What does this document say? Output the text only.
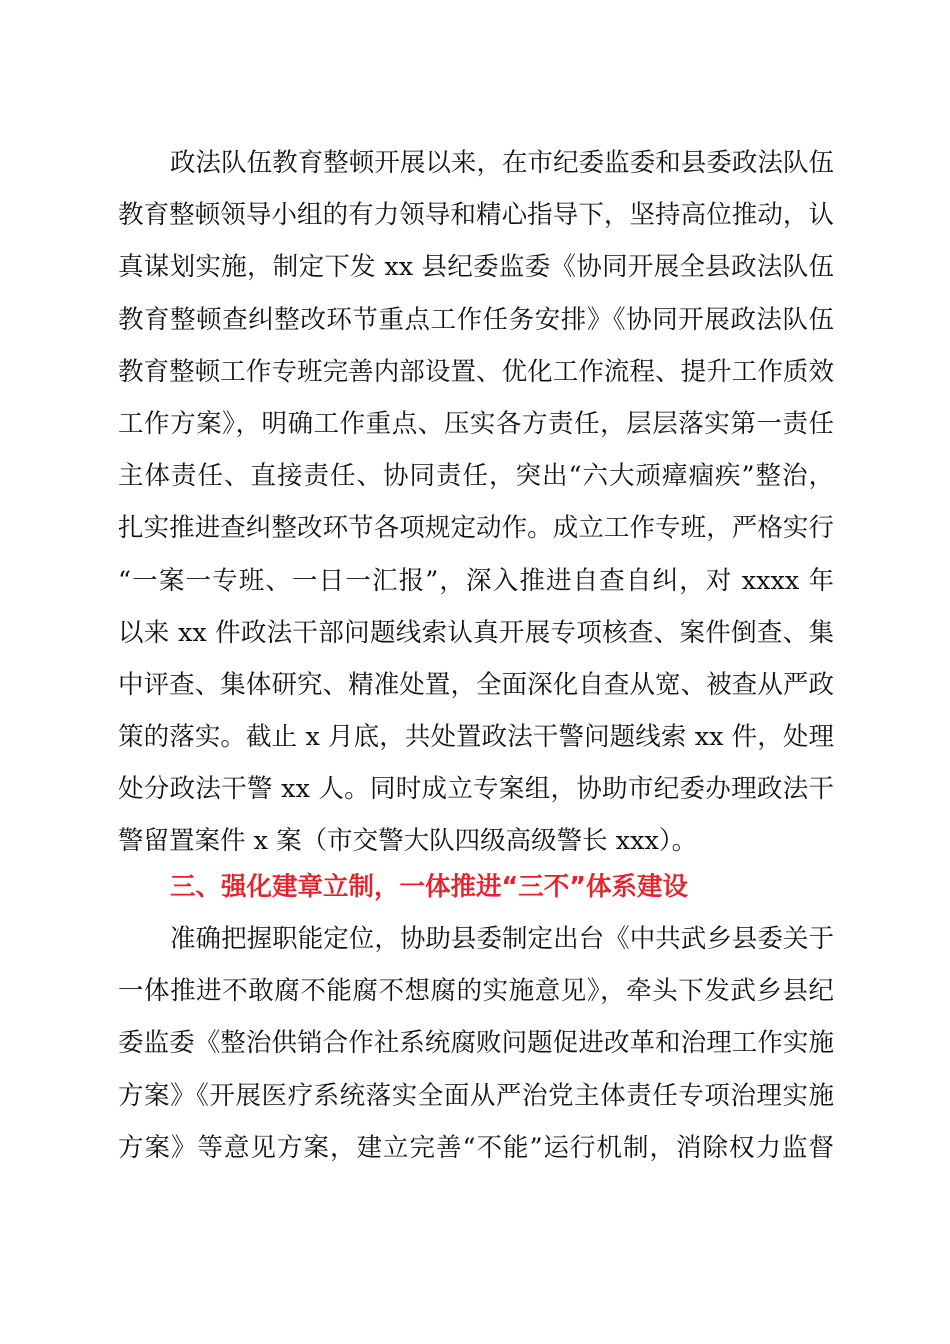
政法队伍教育整顿开展以来，在市纪委监委和县委政法队伍
教育整顿领导小组的有力领导和精心指导下，坚持高位推动，认
真谋划实施，制定下发 xx 县纪委监委《协同开展全县政法队伍
教育整顿查纠整改环节重点工作任务安排》《协同开展政法队伍
教育整顿工作专班完善内部设置、优化工作流程、提升工作质效
工作方案》，明确工作重点、压实各方责任，层层落实第一责任
主体责任、直接责任、协同责任，突出“六大顽瘴痼疾”整治，
扎实推进查纠整改环节各项规定动作。成立工作专班，严格实行
“一案一专班、一日一汇报”，深入推进自查自纠，对 xxxx 年
以来 xx 件政法干部问题线索认真开展专项核查、案件倒查、集
中评查、集体研究、精准处置，全面深化自查从宽、被查从严政
策的落实。截止 x 月底，共处置政法干警问题线索 xx 件，处理
处分政法干警 xx 人。同时成立专案组，协助市纪委办理政法干
警留置案件 x 案（市交警大队四级高级警长 xxx）。
三、强化建章立制，一体推进“三不”体系建设
准确把握职能定位，协助县委制定出台《中共武乡县委关于
一体推进不敢腐不能腐不想腐的实施意见》，牵头下发武乡县纪
委监委《整治供销合作社系统腐败问题促进改革和治理工作实施
方案》《开展医疗系统落实全面从严治党主体责任专项治理实施
方案》等意见方案，建立完善“不能”运行机制，消除权力监督
